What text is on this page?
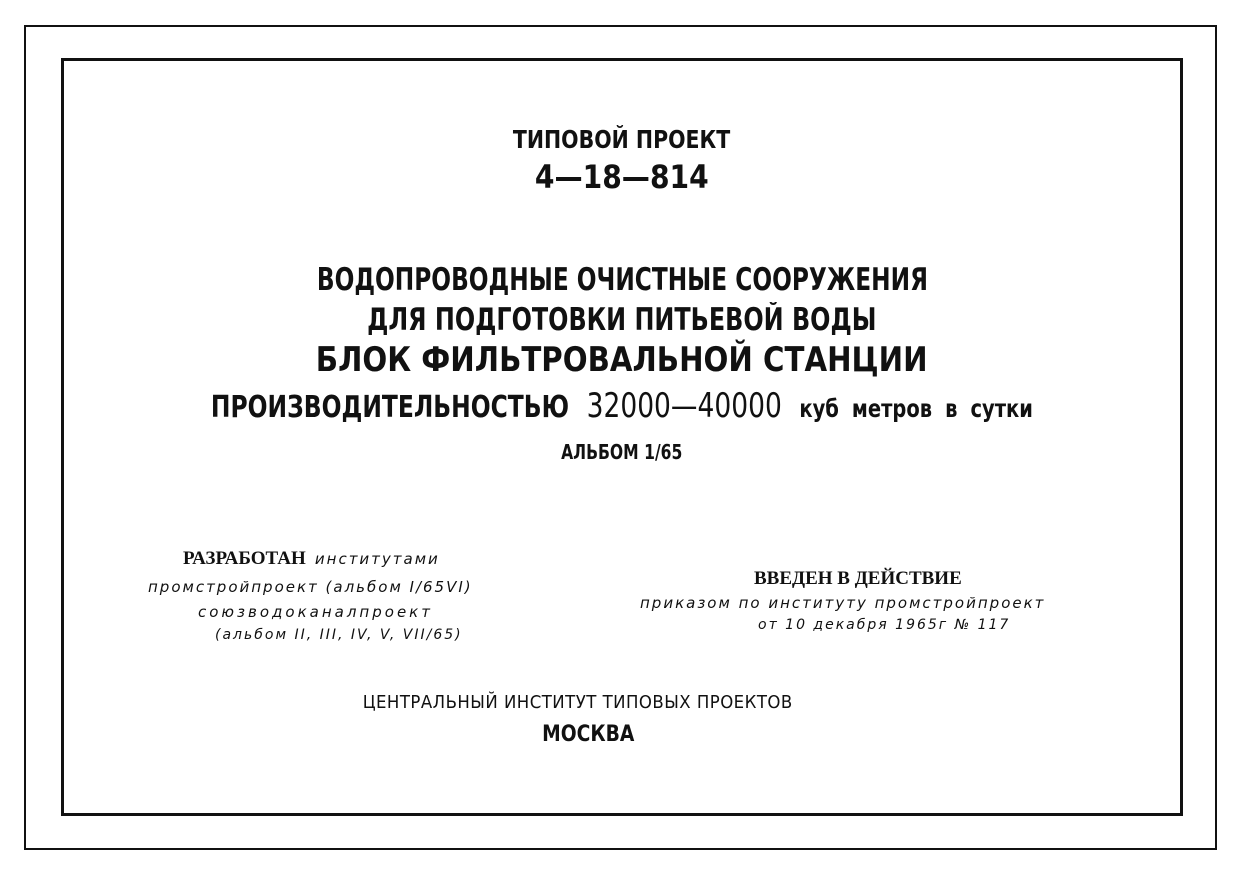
ТИПОВОЙ ПРОЕКТ
4—18—814
ВОДОПРОВОДНЫЕ ОЧИСТНЫЕ СООРУЖЕНИЯ
ДЛЯ ПОДГОТОВКИ ПИТЬЕВОЙ ВОДЫ
БЛОК ФИЛЬТРОВАЛЬНОЙ СТАНЦИИ
ПРОИЗВОДИТЕЛЬНОСТЬЮ 32000—40000 куб метров в сутки
АЛЬБОМ 1/65
РАЗРАБОТАН институтами
промстройпроект (альбом I/65VI)
союзводоканалпроект
(альбом II, III, IV, V, VII/65)
ВВЕДЕН В ДЕЙСТВИЕ
приказом по институту промстройпроект
от 10 декабря 1965г № 117
ЦЕНТРАЛЬНЫЙ ИНСТИТУТ ТИПОВЫХ ПРОЕКТОВ
МОСКВА
